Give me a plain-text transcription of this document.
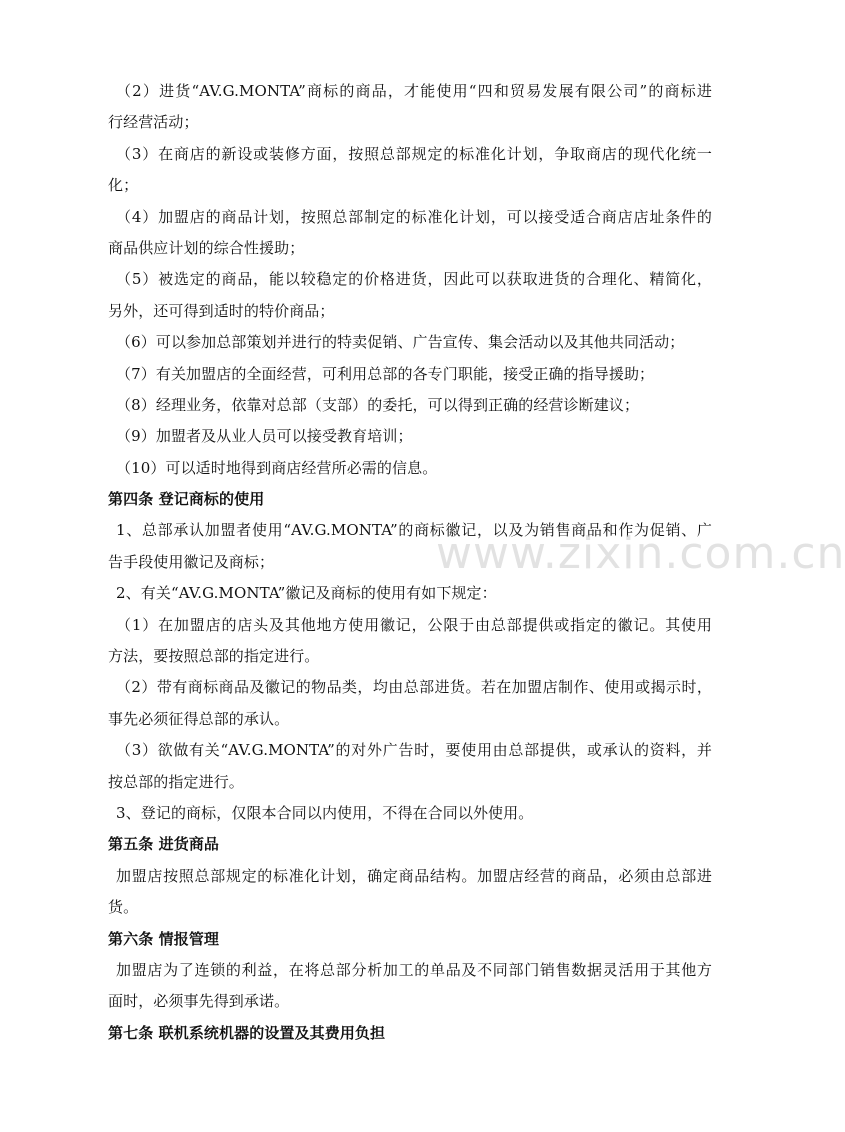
（2）进货“AV.G.MONTA”商标的商品，才能使用“四和贸易发展有限公司”的商标进
行经营活动；
（3）在商店的新设或装修方面，按照总部规定的标准化计划，争取商店的现代化统一
化；
（4）加盟店的商品计划，按照总部制定的标准化计划，可以接受适合商店店址条件的
商品供应计划的综合性援助；
（5）被选定的商品，能以较稳定的价格进货，因此可以获取进货的合理化、精简化，
另外，还可得到适时的特价商品；
（6）可以参加总部策划并进行的特卖促销、广告宣传、集会活动以及其他共同活动；
（7）有关加盟店的全面经营，可利用总部的各专门职能，接受正确的指导援助；
（8）经理业务，依靠对总部（支部）的委托，可以得到正确的经营诊断建议；
（9）加盟者及从业人员可以接受教育培训；
（10）可以适时地得到商店经营所必需的信息。
第四条 登记商标的使用
1、总部承认加盟者使用“AV.G.MONTA”的商标徽记，以及为销售商品和作为促销、广
告手段使用徽记及商标；
2、有关“AV.G.MONTA”徽记及商标的使用有如下规定：
（1）在加盟店的店头及其他地方使用徽记，公限于由总部提供或指定的徽记。其使用
方法，要按照总部的指定进行。
（2）带有商标商品及徽记的物品类，均由总部进货。若在加盟店制作、使用或揭示时，
事先必须征得总部的承认。
（3）欲做有关“AV.G.MONTA”的对外广告时，要使用由总部提供，或承认的资料，并
按总部的指定进行。
3、登记的商标，仅限本合同以内使用，不得在合同以外使用。
第五条 进货商品
加盟店按照总部规定的标准化计划，确定商品结构。加盟店经营的商品，必须由总部进
货。
第六条 情报管理
加盟店为了连锁的利益，在将总部分析加工的单品及不同部门销售数据灵活用于其他方
面时，必须事先得到承诺。
第七条 联机系统机器的设置及其费用负担
www.zixin.com.cn
